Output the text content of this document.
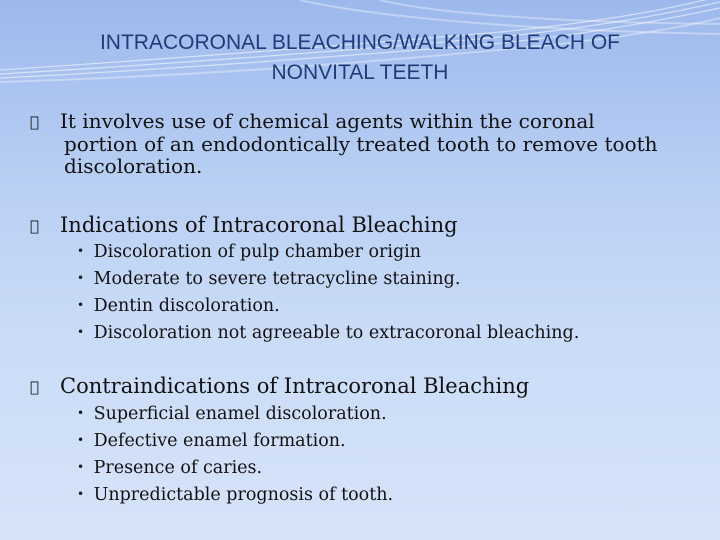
INTRACORONAL BLEACHING/WALKING BLEACH OF
NONVITAL TEETH
  It involves use of chemical agents within the coronal
portion of an endodontically treated tooth to remove tooth
discoloration.
  Indications of Intracoronal Bleaching
• Discoloration of pulp chamber origin
• Moderate to severe tetracycline staining.
• Dentin discoloration.
• Discoloration not agreeable to extracoronal bleaching.
  Contraindications of Intracoronal Bleaching
• Superficial enamel discoloration.
• Defective enamel formation.
• Presence of caries.
• Unpredictable prognosis of tooth.
